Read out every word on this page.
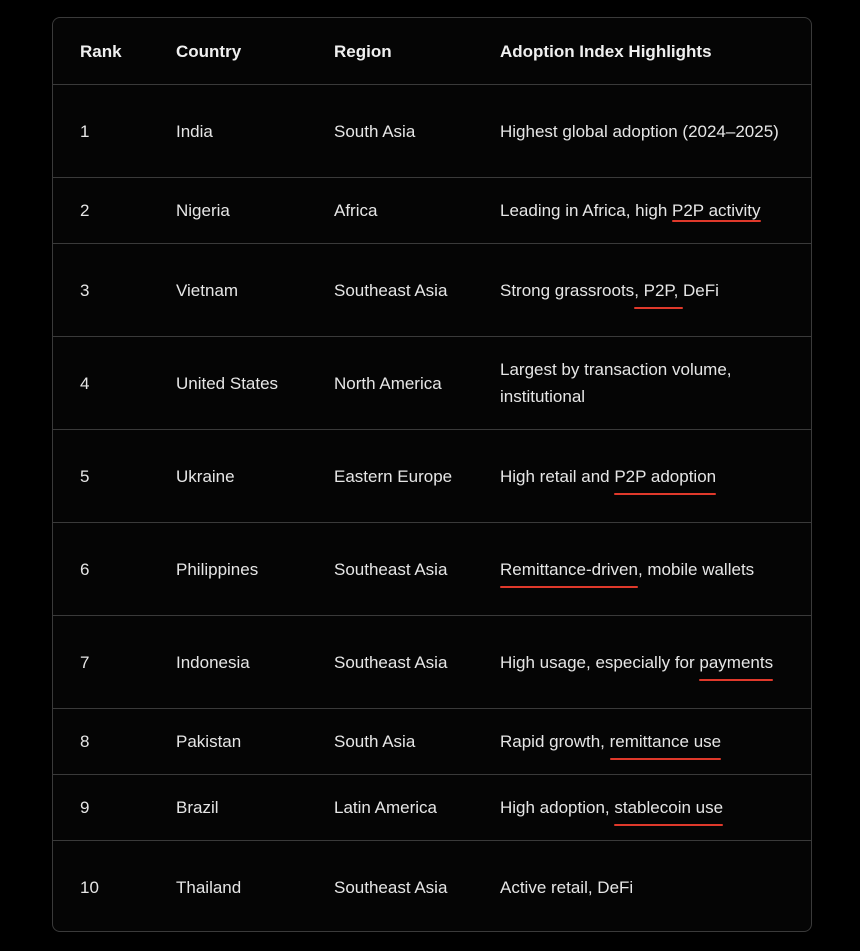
Rank	Country	Region	Adoption Index Highlights
1	India	South Asia	Highest global adoption (2024–2025)
2	Nigeria	Africa	Leading in Africa, high P2P activity
3	Vietnam	Southeast Asia	Strong grassroots, P2P, DeFi
4	United States	North America	Largest by transaction volume, institutional
5	Ukraine	Eastern Europe	High retail and P2P adoption
6	Philippines	Southeast Asia	Remittance-driven, mobile wallets
7	Indonesia	Southeast Asia	High usage, especially for payments
8	Pakistan	South Asia	Rapid growth, remittance use
9	Brazil	Latin America	High adoption, stablecoin use
10	Thailand	Southeast Asia	Active retail, DeFi
